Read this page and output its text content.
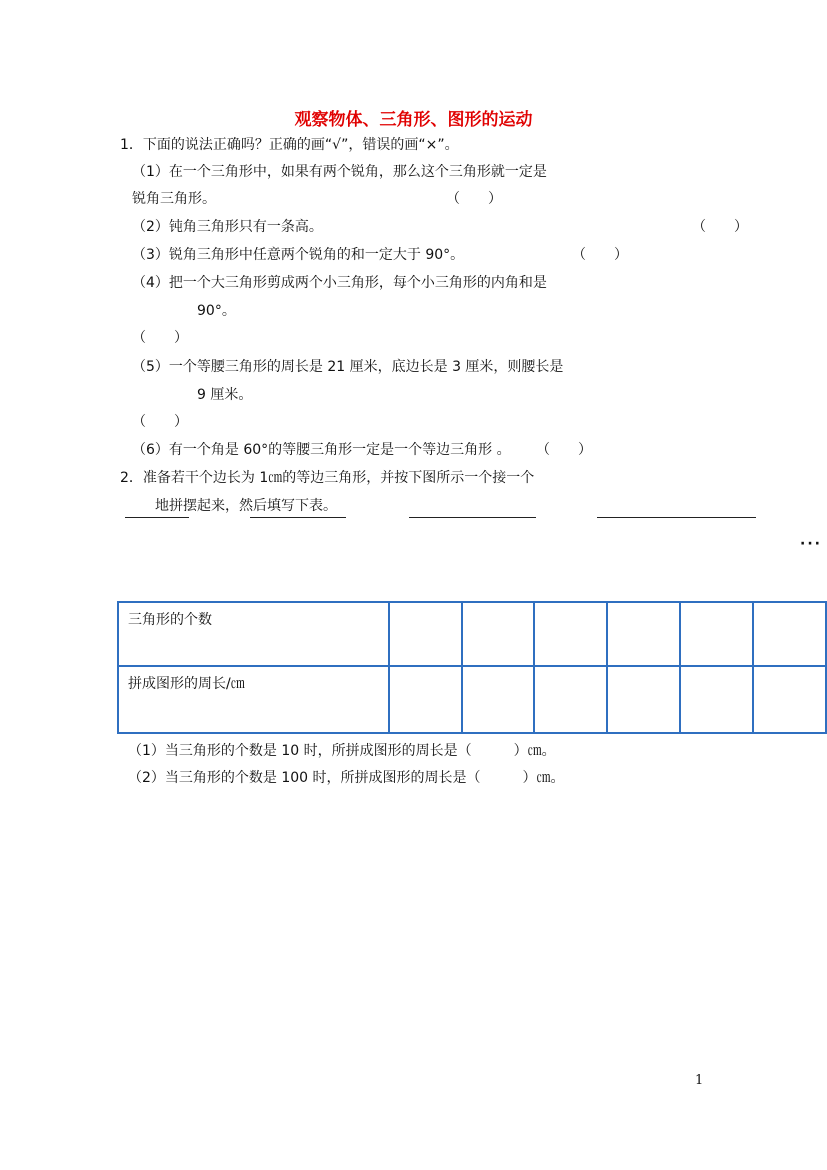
观察物体、三角形、图形的运动
1．下面的说法正确吗？正确的画“√”，错误的画“×”。
（1）在一个三角形中，如果有两个锐角，那么这个三角形就一定是
锐角三角形。	（　　）
（2）钝角三角形只有一条高。	（　　）
（3）锐角三角形中任意两个锐角的和一定大于 90°。	（　　）
（4）把一个大三角形剪成两个小三角形，每个小三角形的内角和是
90°。
（　　）
（5）一个等腰三角形的周长是 21 厘米，底边长是 3 厘米，则腰长是
9 厘米。
（　　）
（6）有一个角是 60°的等腰三角形一定是一个等边三角形 。 （　　）
2．准备若干个边长为 1㎝的等边三角形，并按下图所示一个接一个
地拼摆起来，然后填写下表。
···
三角形的个数						
拼成图形的周长/㎝						
（1）当三角形的个数是 10 时，所拼成图形的周长是（　　　）㎝。
（2）当三角形的个数是 100 时，所拼成图形的周长是（　　　）㎝。
1
